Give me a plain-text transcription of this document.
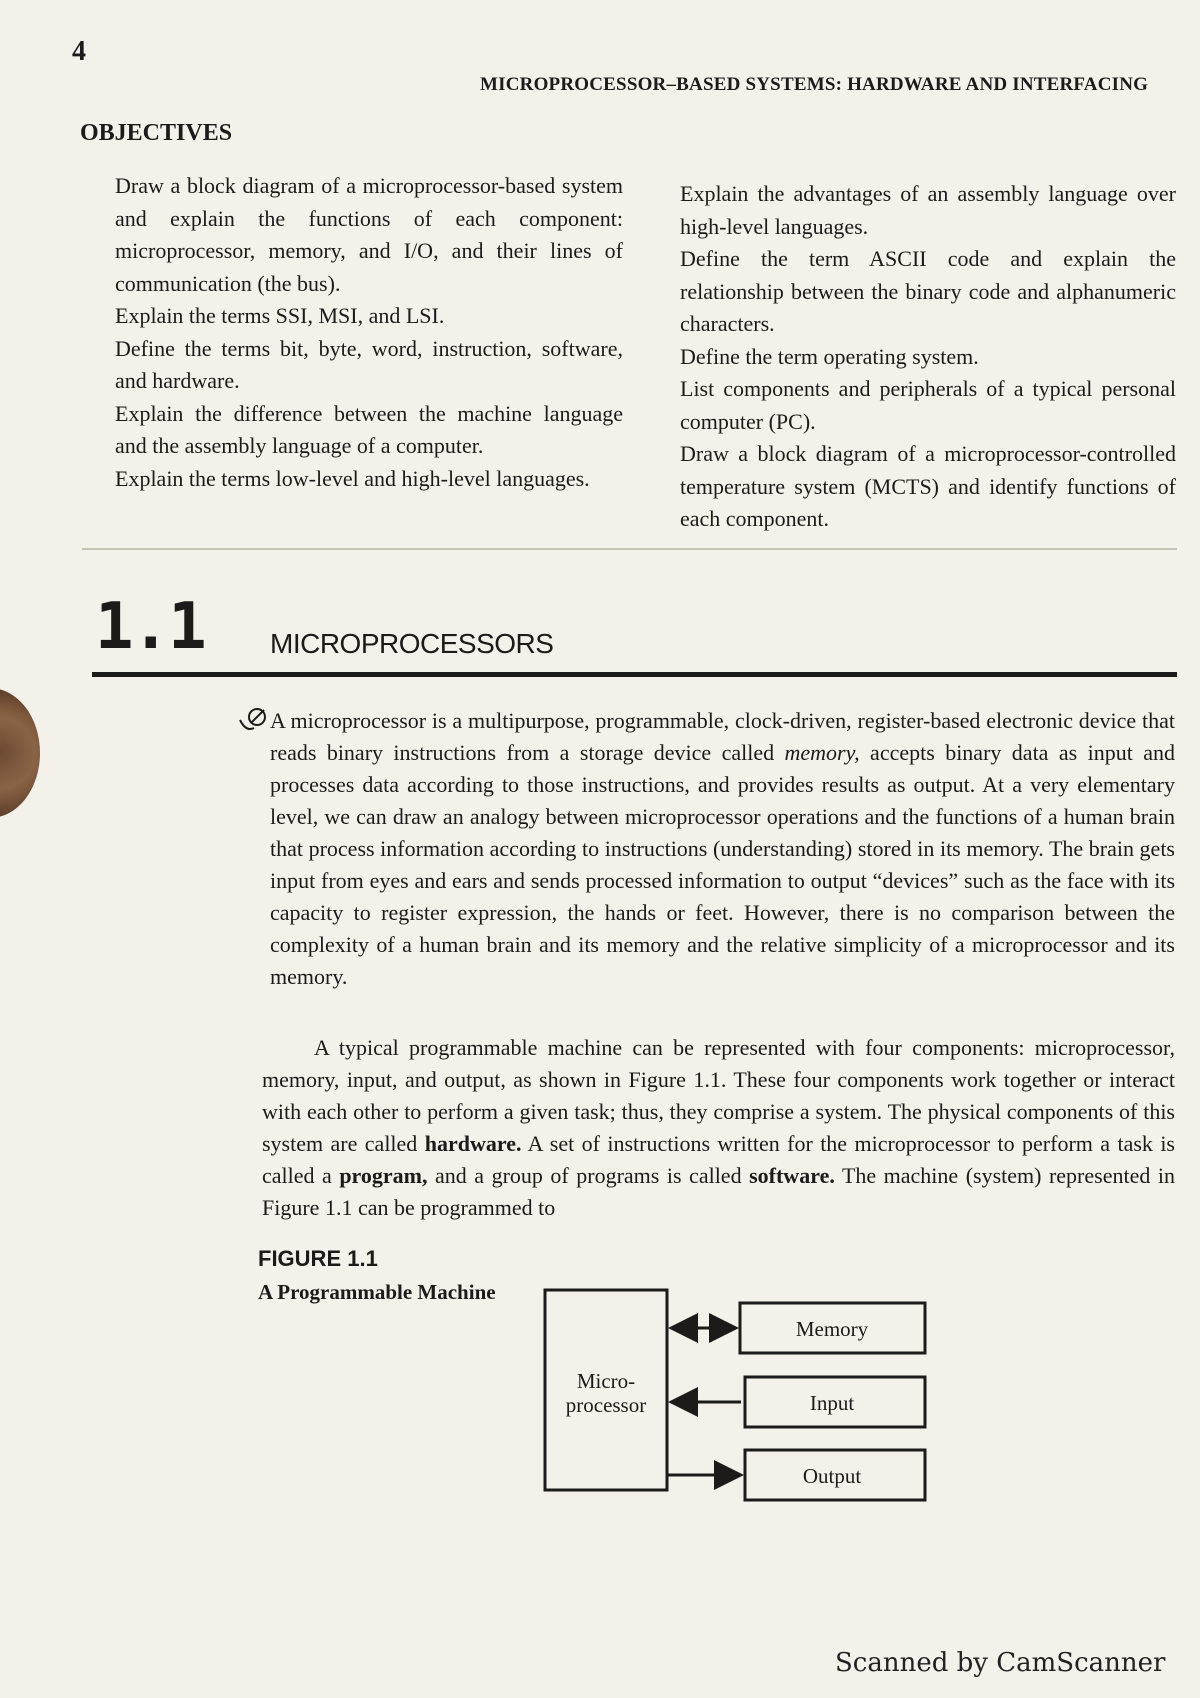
4
MICROPROCESSOR–BASED SYSTEMS: HARDWARE AND INTERFACING
OBJECTIVES
Draw a block diagram of a microprocessor-based system and explain the functions of each component: microprocessor, memory, and I/O, and their lines of communication (the bus).
Explain the terms SSI, MSI, and LSI.
Define the terms bit, byte, word, instruction, software, and hardware.
Explain the difference between the machine language and the assembly language of a computer.
Explain the terms low-level and high-level languages.
Explain the advantages of an assembly language over high-level languages.
Define the term ASCII code and explain the relationship between the binary code and alphanumeric characters.
Define the term operating system.
List components and peripherals of a typical personal computer (PC).
Draw a block diagram of a microprocessor-controlled temperature system (MCTS) and identify functions of each component.
1.1 MICROPROCESSORS

A microprocessor is a multipurpose, programmable, clock-driven, register-based electronic device that reads binary instructions from a storage device called memory, accepts binary data as input and processes data according to those instructions, and provides results as output. At a very elementary level, we can draw an analogy between microprocessor operations and the functions of a human brain that process information according to instructions (understanding) stored in its memory. The brain gets input from eyes and ears and sends processed information to output “devices” such as the face with its capacity to register expression, the hands or feet. However, there is no comparison between the complexity of a human brain and its memory and the relative simplicity of a microprocessor and its memory.

A typical programmable machine can be represented with four components: microprocessor, memory, input, and output, as shown in Figure 1.1. These four components work together or interact with each other to perform a given task; thus, they comprise a system. The physical components of this system are called hardware. A set of instructions written for the microprocessor to perform a task is called a program, and a group of programs is called software. The machine (system) represented in Figure 1.1 can be programmed to

FIGURE 1.1
A Programmable Machine
Micro-
processor
Memory
Input
Output
Scanned by CamScanner
